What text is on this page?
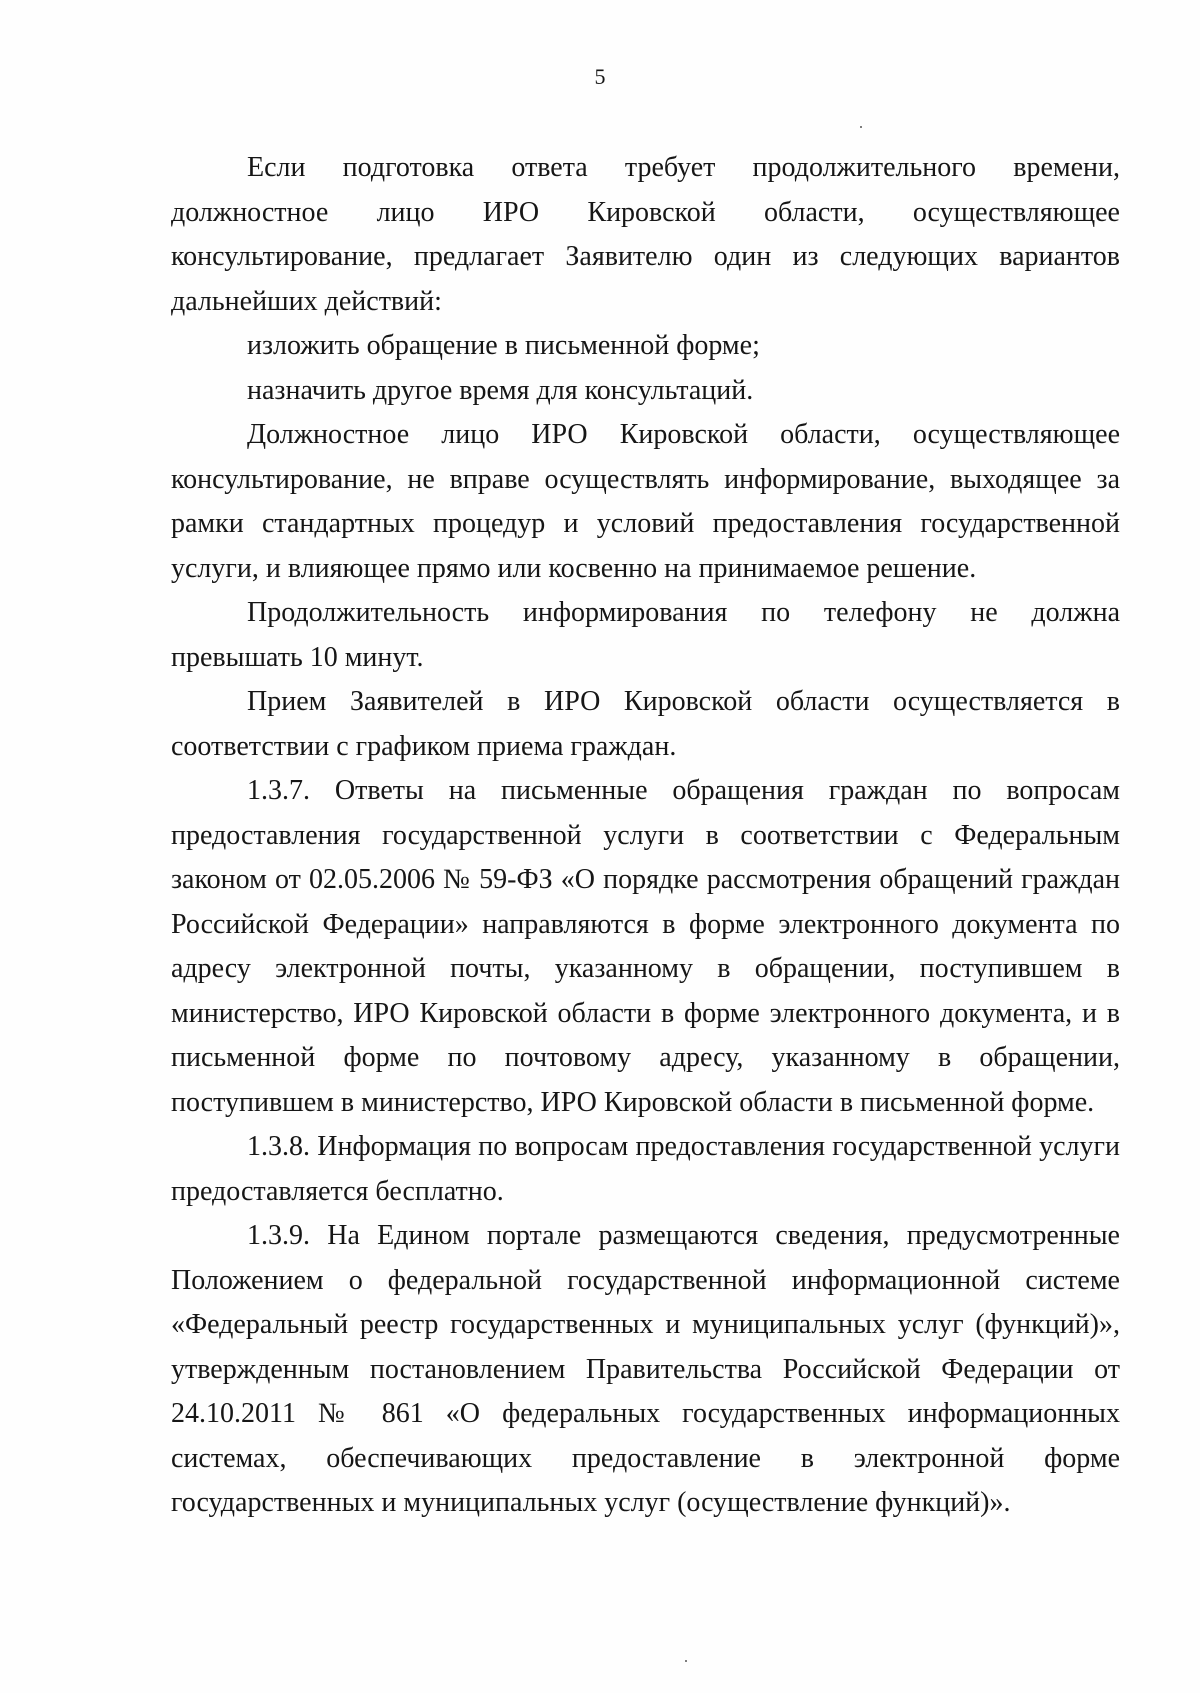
5

Если подготовка ответа требует продолжительного времени, должностное лицо ИРО Кировской области, осуществляющее консультирование, предлагает Заявителю один из следующих вариантов дальнейших действий:

изложить обращение в письменной форме;

назначить другое время для консультаций.

Должностное лицо ИРО Кировской области, осуществляющее консультирование, не вправе осуществлять информирование, выходящее за рамки стандартных процедур и условий предоставления государственной услуги, и влияющее прямо или косвенно на принимаемое решение.

Продолжительность информирования по телефону не должна превышать 10 минут.

Прием Заявителей в ИРО Кировской области осуществляется в соответствии с графиком приема граждан.

1.3.7. Ответы на письменные обращения граждан по вопросам предоставления государственной услуги в соответствии с Федеральным законом от 02.05.2006 № 59-ФЗ «О порядке рассмотрения обращений граждан Российской Федерации» направляются в форме электронного документа по адресу электронной почты, указанному в обращении, поступившем в министерство, ИРО Кировской области в форме электронного документа, и в письменной форме по почтовому адресу, указанному в обращении, поступившем в министерство, ИРО Кировской области в письменной форме.

1.3.8. Информация по вопросам предоставления государственной услуги предоставляется бесплатно.

1.3.9. На Едином портале размещаются сведения, предусмотренные Положением о федеральной государственной информационной системе «Федеральный реестр государственных и муниципальных услуг (функций)», утвержденным постановлением Правительства Российской Федерации от 24.10.2011 № 861 «О федеральных государственных информационных системах, обеспечивающих предоставление в электронной форме государственных и муниципальных услуг (осуществление функций)».
